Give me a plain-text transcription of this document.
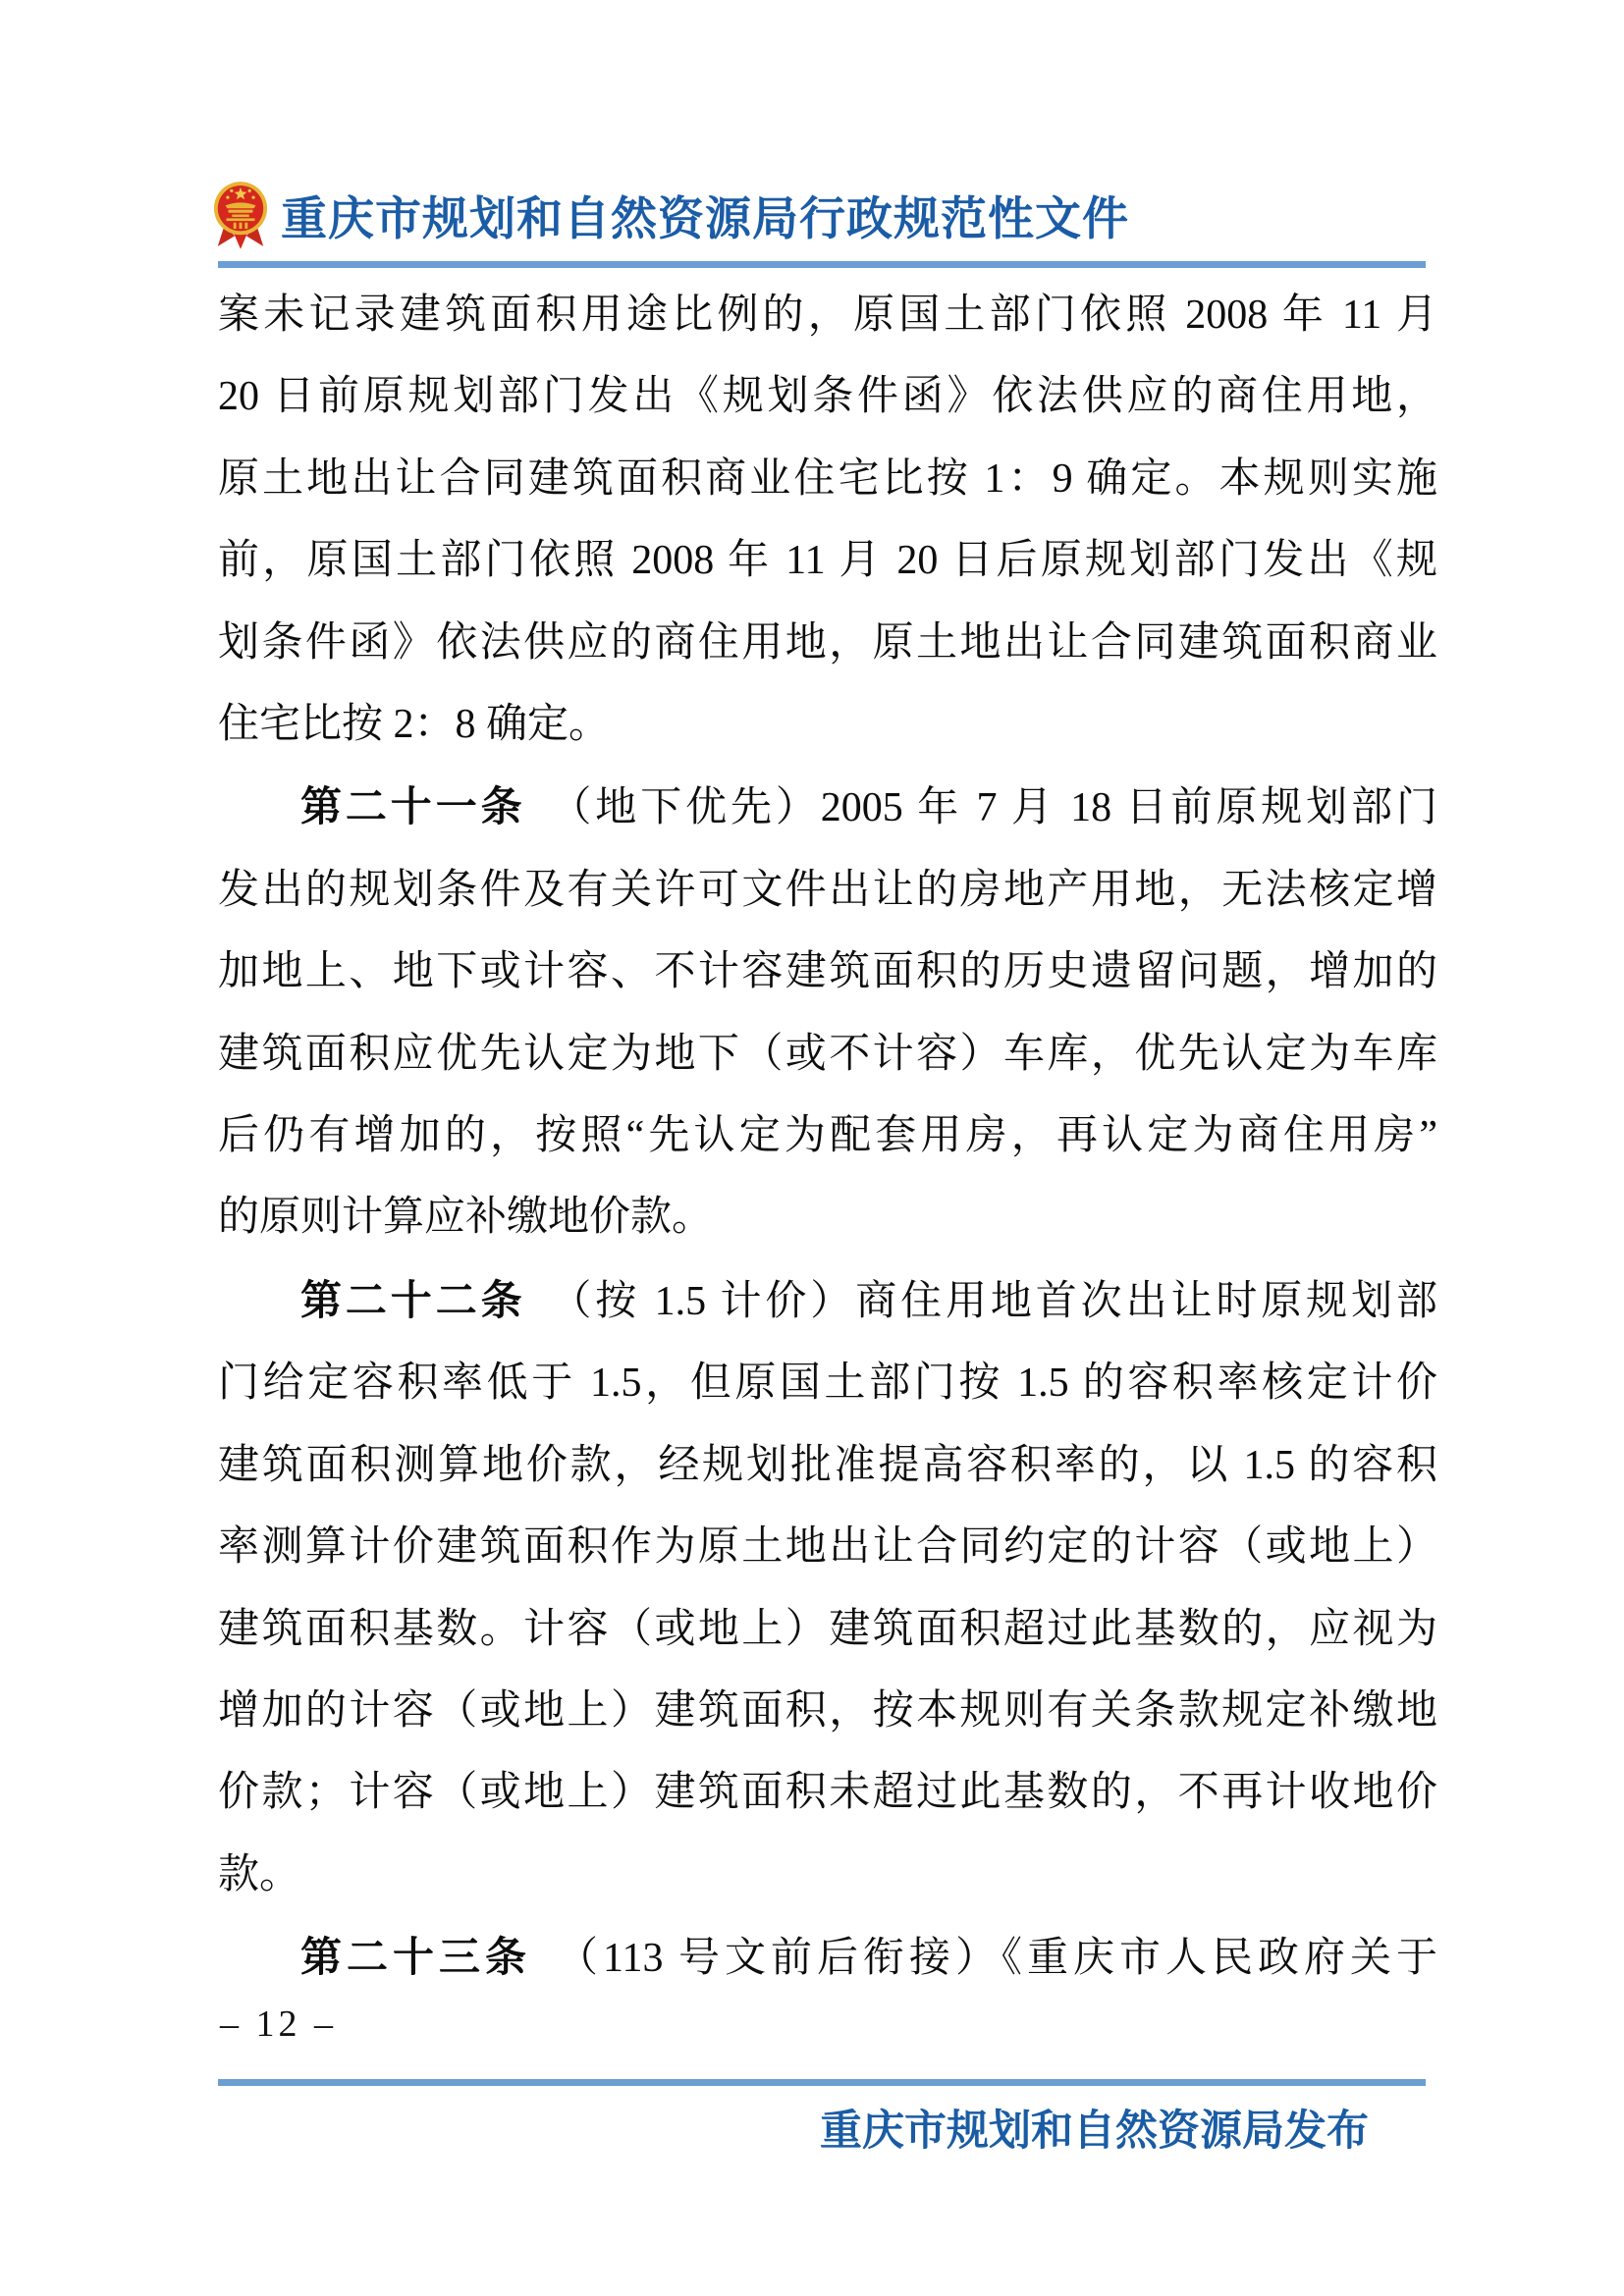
重庆市规划和自然资源局行政规范性文件
案未记录建筑面积用途比例的，原国土部门依照 2008 年 11 月
20 日前原规划部门发出《规划条件函》依法供应的商住用地，
原土地出让合同建筑面积商业住宅比按 1：9 确定。本规则实施
前，原国土部门依照 2008 年 11 月 20 日后原规划部门发出《规
划条件函》依法供应的商住用地，原土地出让合同建筑面积商业
住宅比按 2：8 确定。
第二十一条　（地下优先）2005 年 7 月 18 日前原规划部门
发出的规划条件及有关许可文件出让的房地产用地，无法核定增
加地上、地下或计容、不计容建筑面积的历史遗留问题，增加的
建筑面积应优先认定为地下（或不计容）车库，优先认定为车库
后仍有增加的，按照“先认定为配套用房，再认定为商住用房”
的原则计算应补缴地价款。
第二十二条　（按 1.5 计价）商住用地首次出让时原规划部
门给定容积率低于 1.5，但原国土部门按 1.5 的容积率核定计价
建筑面积测算地价款，经规划批准提高容积率的，以 1.5 的容积
率测算计价建筑面积作为原土地出让合同约定的计容（或地上）
建筑面积基数。计容（或地上）建筑面积超过此基数的，应视为
增加的计容（或地上）建筑面积，按本规则有关条款规定补缴地
价款；计容（或地上）建筑面积未超过此基数的，不再计收地价
款。
第二十三条　（113 号文前后衔接）《重庆市人民政府关于
– 12 –
重庆市规划和自然资源局发布
